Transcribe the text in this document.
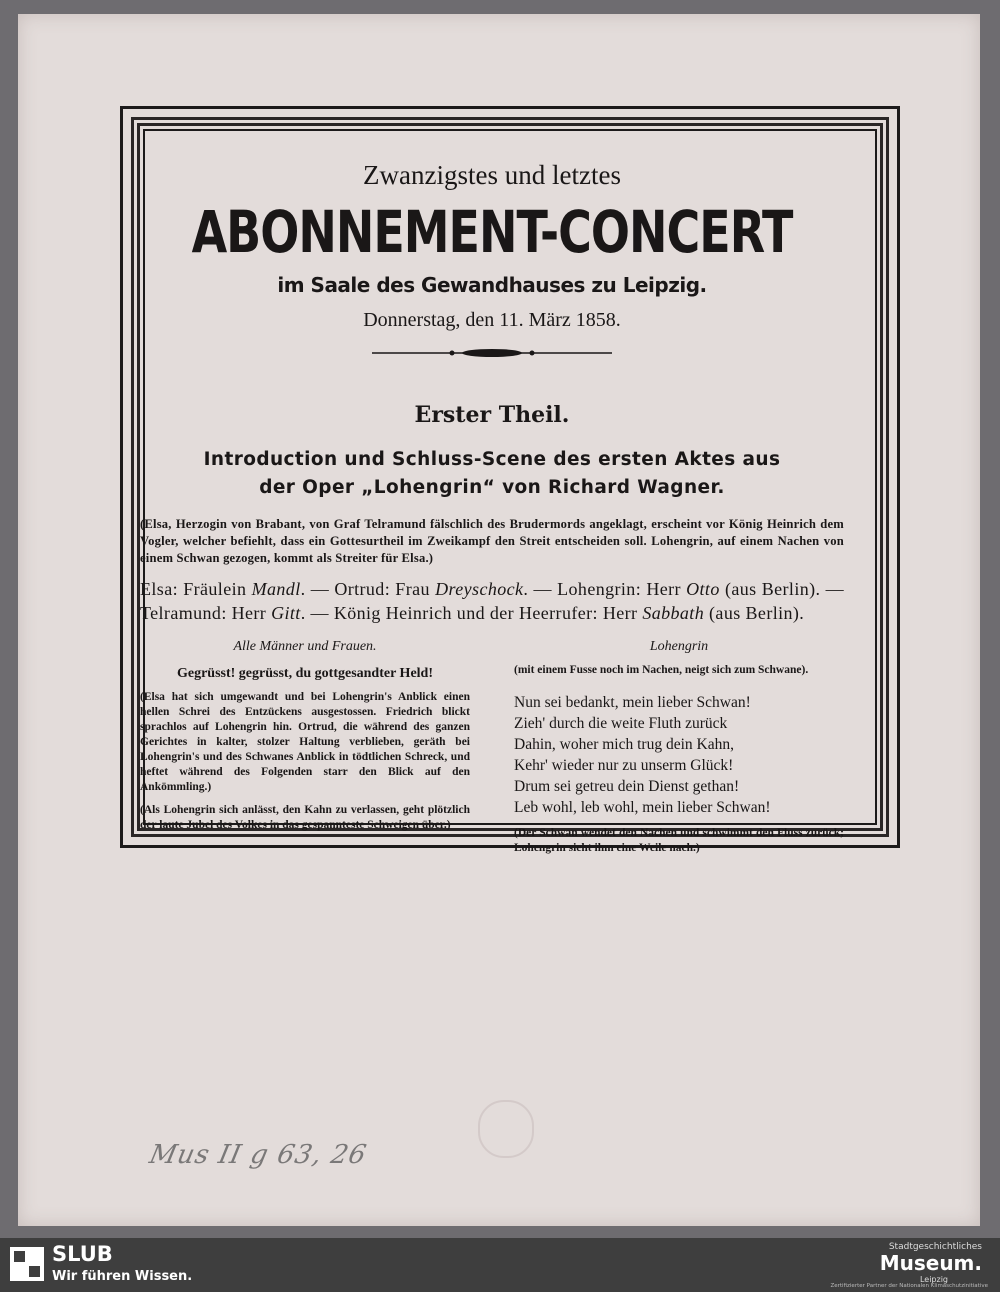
Zwanzigstes und letztes
ABONNEMENT-CONCERT
im Saale des Gewandhauses zu Leipzig.
Donnerstag, den 11. März 1858.
Erster Theil.
Introduction und Schluss-Scene des ersten Aktes aus
der Oper „Lohengrin“ von Richard Wagner.
(Elsa, Herzogin von Brabant, von Graf Telramund fälschlich des Brudermords angeklagt, erscheint vor König Heinrich dem Vogler, welcher befiehlt, dass ein Gottesurtheil im Zweikampf den Streit entscheiden soll. Lohengrin, auf einem Nachen von einem Schwan gezogen, kommt als Streiter für Elsa.)
Elsa: Fräulein Mandl. — Ortrud: Frau Dreyschock. — Lohengrin: Herr Otto (aus Berlin). — Telramund: Herr Gitt. — König Heinrich und der Heerrufer: Herr Sabbath (aus Berlin).
Alle Männer und Frauen.
Gegrüsst! gegrüsst, du gottgesandter Held!
(Elsa hat sich umgewandt und bei Lohengrin's Anblick einen hellen Schrei des Entzückens ausgestossen. Friedrich blickt sprachlos auf Lohengrin hin. Ortrud, die während des ganzen Gerichtes in kalter, stolzer Haltung verblieben, geräth bei Lohengrin's und des Schwanes Anblick in tödtlichen Schreck, und heftet während des Folgenden starr den Blick auf den Ankömmling.)
(Als Lohengrin sich anlässt, den Kahn zu verlassen, geht plötzlich der laute Jubel des Volkes in das gespannteste Schweigen über.)
Lohengrin
(mit einem Fusse noch im Nachen, neigt sich zum Schwane).
Nun sei bedankt, mein lieber Schwan!
Zieh' durch die weite Fluth zurück
Dahin, woher mich trug dein Kahn,
Kehr' wieder nur zu unserm Glück!
Drum sei getreu dein Dienst gethan!
Leb wohl, leb wohl, mein lieber Schwan!
(Der Schwan wendet den Nachen und schwimmt den Fluss zurück; Lohengrin sieht ihm eine Weile nach.)
Mus II g 63, 26
SLUB
Wir führen Wissen.
Stadtgeschichtliches
Museum.
Leipzig
Zertifizierter Partner der Nationalen Klimaschutzinitiative
